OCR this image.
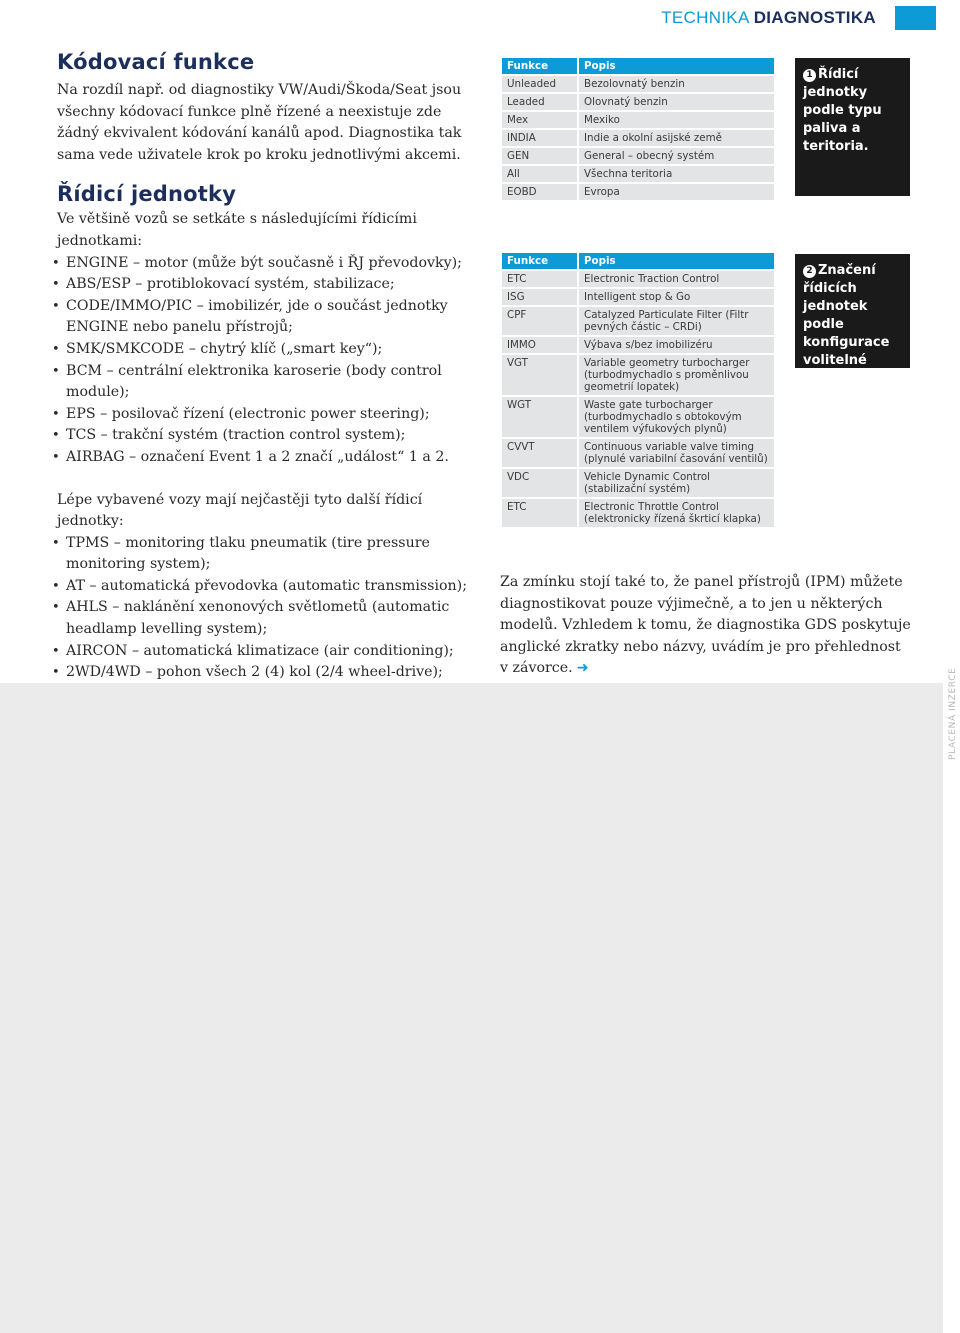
TECHNIKA DIAGNOSTIKA
Kódovací funkce

Na rozdíl např. od diagnostiky VW/Audi/Škoda/Seat jsou všechny kódovací funkce plně řízené a neexistuje zde žádný ekvivalent kódování kanálů apod. Diagnostika tak sama vede uživatele krok po kroku jednotlivými akcemi.

Řídicí jednotky

Ve většině vozů se setkáte s následujícími řídicími jednotkami:

• ENGINE – motor (může být současně i ŘJ převodovky);
• ABS/ESP – protiblokovací systém, stabilizace;
• CODE/IMMO/PIC – imobilizér, jde o součást jednotky ENGINE nebo panelu přístrojů;
• SMK/SMKCODE – chytrý klíč („smart key“);
• BCM – centrální elektronika karoserie (body control module);
• EPS – posilovač řízení (electronic power steering);
• TCS – trakční systém (traction control system);
• AIRBAG – označení Event 1 a 2 značí „událost“ 1 a 2.

Lépe vybavené vozy mají nejčastěji tyto další řídicí jednotky:

• TPMS – monitoring tlaku pneumatik (tire pressure monitoring system);
• AT – automatická převodovka (automatic transmission);
• AHLS – naklánění xenonových světlometů (automatic headlamp levelling system);
• AIRCON – automatická klimatizace (air conditioning);
• 2WD/4WD – pohon všech 2 (4) kol (2/4 wheel-drive);
•
Funkce	Popis
Unleaded	Bezolovnatý benzin
Leaded	Olovnatý benzin
Mex	Mexiko
INDIA	Indie a okolní asijské země
GEN	General – obecný systém
All	Všechna teritoria
EOBD	Evropa
1 Řídicí jednotky podle typu paliva a teritoria.
Funkce	Popis
ETC	Electronic Traction Control
ISG	Intelligent stop & Go
CPF	Catalyzed Particulate Filter (Filtr pevných částic – CRDi)
IMMO	Výbava s/bez imobilizéru
VGT	Variable geometry turbocharger (turbodmychadlo s proměnlivou geometrií lopatek)
WGT	Waste gate turbocharger (turbodmychadlo s obtokovým ventilem výfukových plynů)
CVVT	Continuous variable valve timing (plynulé variabilní časování ventilů)
VDC	Vehicle Dynamic Control (stabilizační systém)
ETC	Electronic Throttle Control (elektronicky řízená škrticí klapka)
2 Značení řídicích jednotek podle konfigurace volitelné výbavy.

Za zmínku stojí také to, že panel přístrojů (IPM) můžete diagnostikovat pouze výjimečně, a to jen u některých modelů. Vzhledem k tomu, že diagnostika GDS poskytuje anglické zkratky nebo názvy, uvádím je pro přehlednost v závorce. ➜	PLACENÁ INZERCE
